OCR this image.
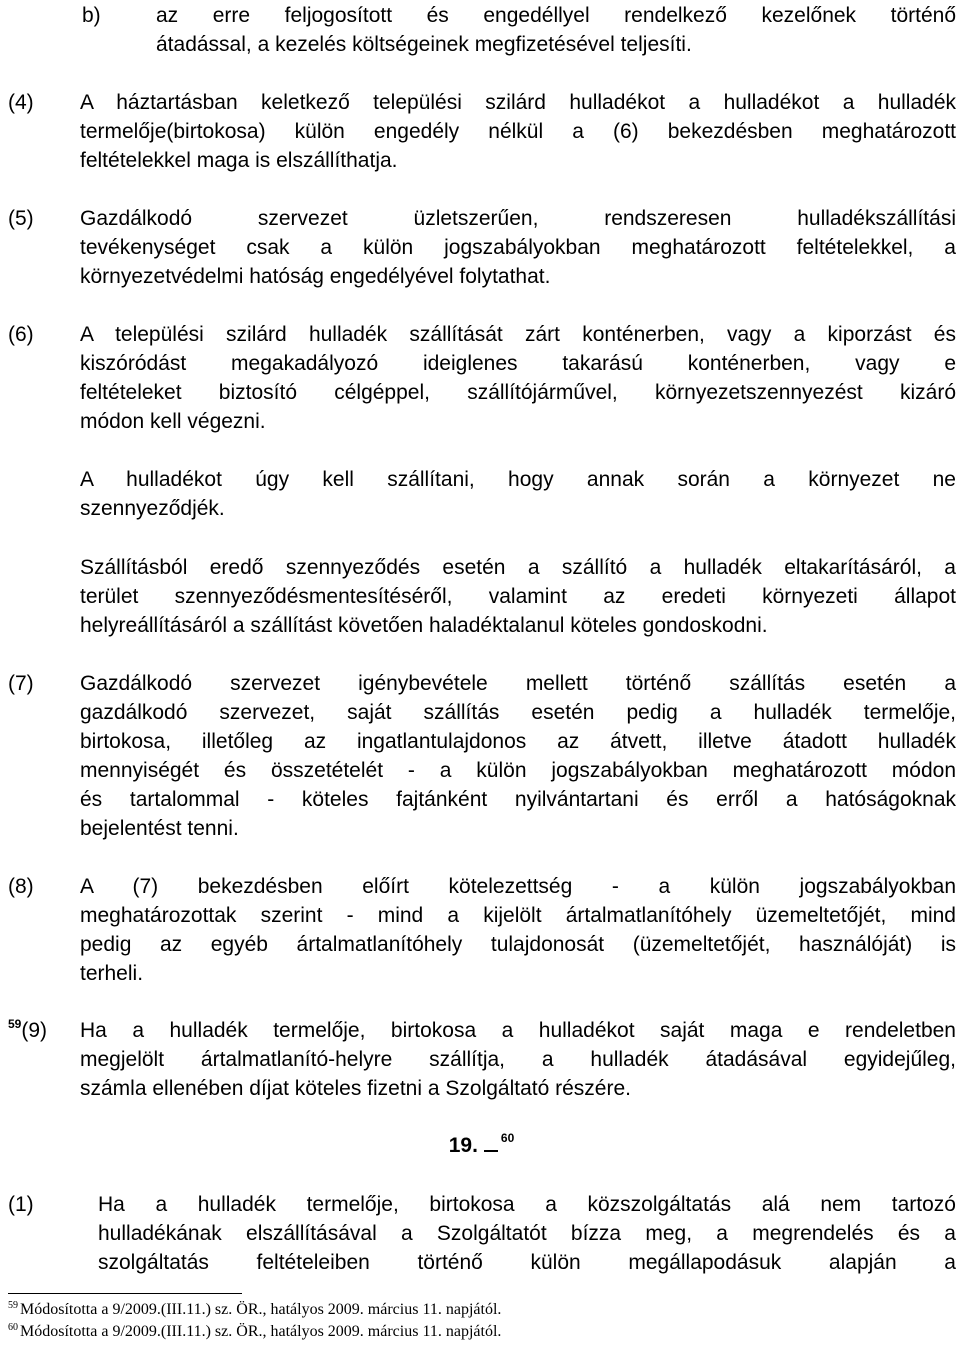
b)	az erre feljogosított és engedéllyel rendelkező kezelőnek történő
átadással, a kezelés költségeinek megfizetésével teljesíti.
(4) A háztartásban keletkező települési szilárd hulladékot a hulladékot a hulladék
termelője(birtokosa) külön engedély nélkül a (6) bekezdésben meghatározott
feltételekkel maga is elszállíthatja.
(5) Gazdálkodó szervezet üzletszerűen, rendszeresen hulladékszállítási
tevékenységet csak a külön jogszabályokban meghatározott feltételekkel, a
környezetvédelmi hatóság engedélyével folytathat.
(6) A települési szilárd hulladék szállítását zárt konténerben, vagy a kiporzást és
kiszóródást megakadályozó ideiglenes takarású konténerben, vagy e
feltételeket biztosító célgéppel, szállítójárművel, környezetszennyezést kizáró
módon kell végezni.
A hulladékot úgy kell szállítani, hogy annak során a környezet ne
szennyeződjék.
Szállításból eredő szennyeződés esetén a szállító a hulladék eltakarításáról, a
terület szennyeződésmentesítéséről, valamint az eredeti környezeti állapot
helyreállításáról a szállítást követően haladéktalanul köteles gondoskodni.
(7) Gazdálkodó szervezet igénybevétele mellett történő szállítás esetén a
gazdálkodó szervezet, saját szállítás esetén pedig a hulladék termelője,
birtokosa, illetőleg az ingatlantulajdonos az átvett, illetve átadott hulladék
mennyiségét és összetételét - a külön jogszabályokban meghatározott módon
és tartalommal - köteles fajtánként nyilvántartani és erről a hatóságoknak
bejelentést tenni.
(8) A (7) bekezdésben előírt kötelezettség - a külön jogszabályokban
meghatározottak szerint - mind a kijelölt ártalmatlanítóhely üzemeltetőjét, mind
pedig az egyéb ártalmatlanítóhely tulajdonosát (üzemeltetőjét, használóját) is
terheli.
$^{59}$(9) Ha a hulladék termelője, birtokosa a hulladékot saját maga e rendeletben
megjelölt ártalmatlanító-helyre szállítja, a hulladék átadásával egyidejűleg,
számla ellenében díjat köteles fizetni a Szolgáltató részére.
19. $^{60}$
(1)	Ha a hulladék termelője, birtokosa a közszolgáltatás alá nem tartozó
hulladékának elszállításával a Szolgáltatót bízza meg, a megrendelés és a
szolgáltatás feltételeiben történő külön megállapodásuk alapján a
$^{59}$ Módosította a 9/2009.(III.11.) sz. ÖR., hatályos 2009. március 11. napjától.
$^{60}$ Módosította a 9/2009.(III.11.) sz. ÖR., hatályos 2009. március 11. napjától.
